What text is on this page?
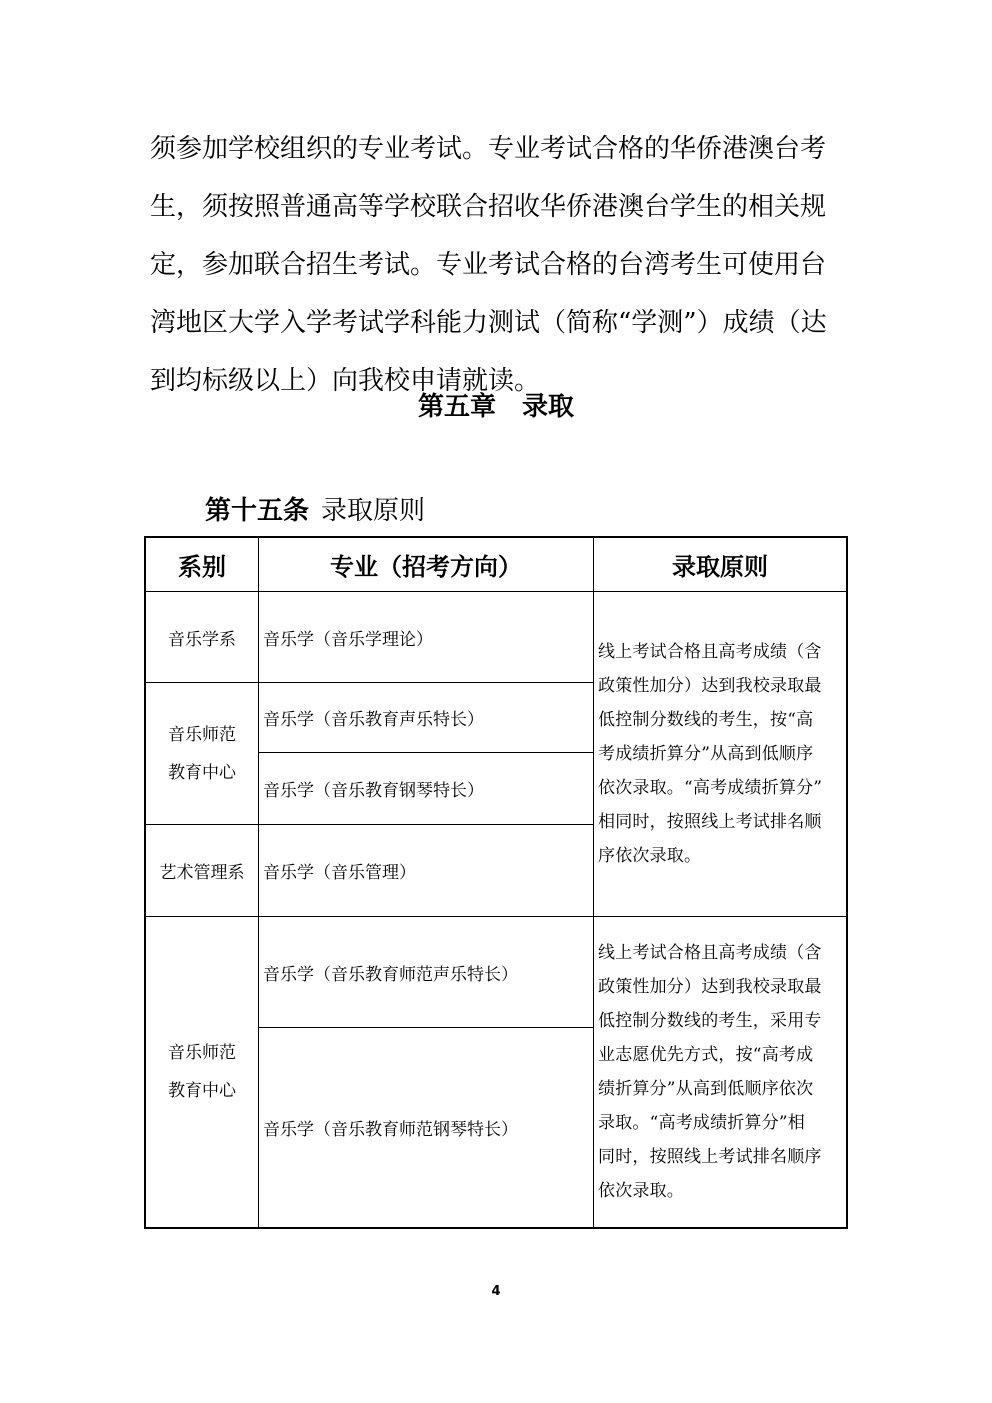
须参加学校组织的专业考试。专业考试合格的华侨港澳台考
生，须按照普通高等学校联合招收华侨港澳台学生的相关规
定，参加联合招生考试。专业考试合格的台湾考生可使用台
湾地区大学入学考试学科能力测试（简称“学测”）成绩（达
到均标级以上）向我校申请就读。
第五章　录取
第十五条 录取原则
系别	专业（招考方向）	录取原则
音乐学系
音乐师范
教育中心
艺术管理系
音乐师范
教育中心
音乐学（音乐学理论）
音乐学（音乐教育声乐特长）
音乐学（音乐教育钢琴特长）
音乐学（音乐管理）
音乐学（音乐教育师范声乐特长）
音乐学（音乐教育师范钢琴特长）
线上考试合格且高考成绩（含
政策性加分）达到我校录取最
低控制分数线的考生，按“高
考成绩折算分”从高到低顺序
依次录取。“高考成绩折算分”
相同时，按照线上考试排名顺
序依次录取。
线上考试合格且高考成绩（含
政策性加分）达到我校录取最
低控制分数线的考生，采用专
业志愿优先方式，按“高考成
绩折算分”从高到低顺序依次
录取。“高考成绩折算分”相
同时，按照线上考试排名顺序
依次录取。
4
